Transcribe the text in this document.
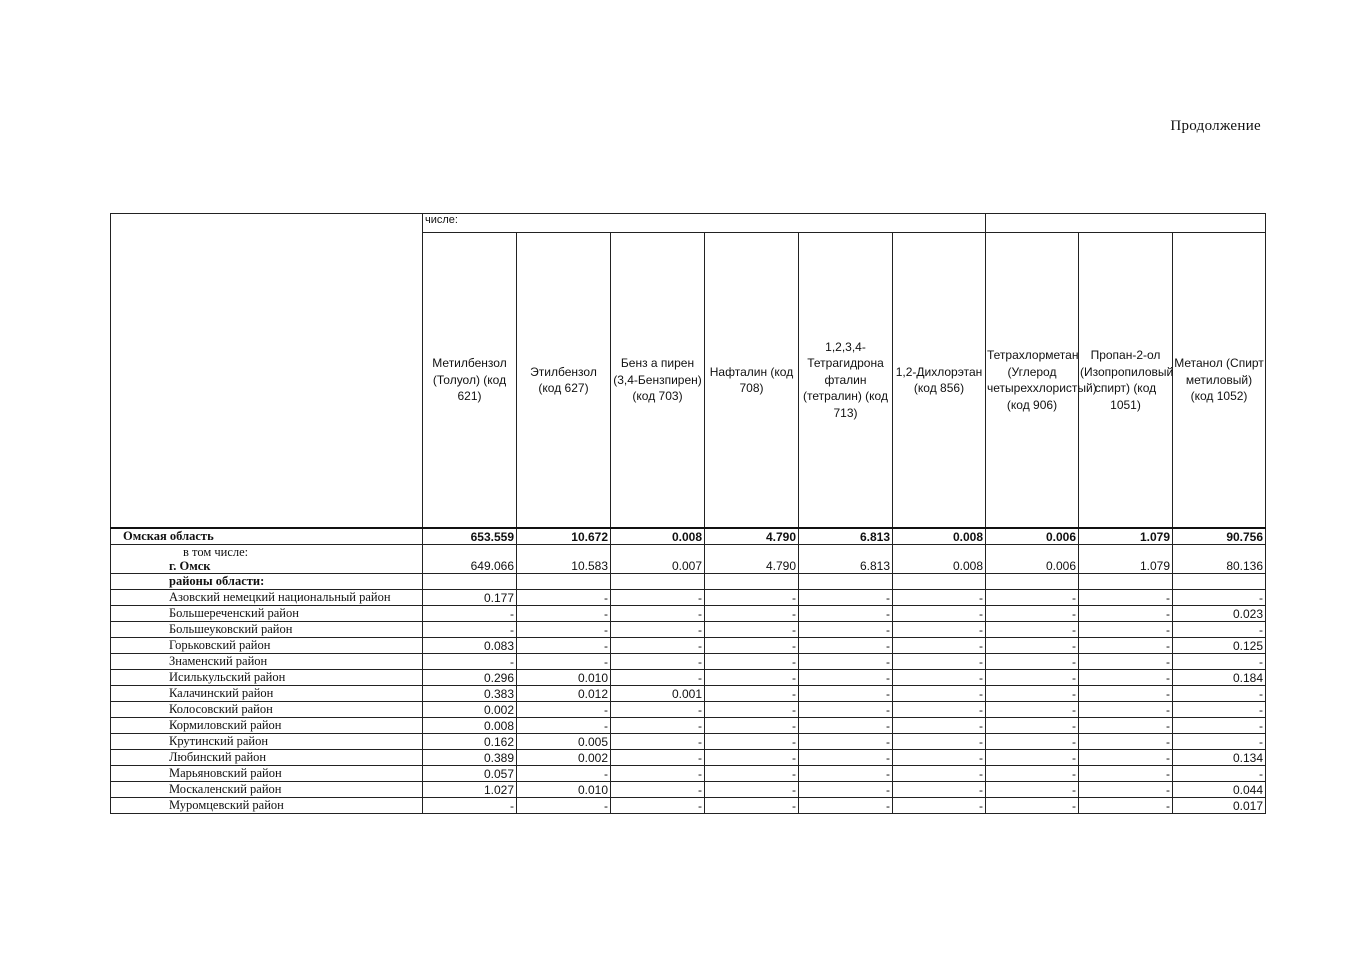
Продолжение
	числе:								
	Метилбензол (Толуол) (код 621)	Этилбензол (код 627)	Бенз а пирен (3,4-Бензпирен) (код 703)	Нафталин (код 708)	1,2,3,4-Тетрагидрона фталин (тетралин) (код 713)	1,2-Дихлорэтан (код 856)	Тетрахлорметан (Углерод четыреххлористый) (код 906)	Пропан-2-ол (Изопропиловый спирт) (код 1051)	Метанол (Спирт метиловый) (код 1052)
Омская область	653.559	10.672	0.008	4.790	6.813	0.008	0.006	1.079	90.756

в том числе:
г. Омск	649.066	10.583	0.007	4.790	6.813	0.008	0.006	1.079	80.136
районы области:									
Азовский немецкий национальный район	0.177	-	-	-	-	-	-	-	-
Большереченский район	-	-	-	-	-	-	-	-	0.023
Большеуковский район	-	-	-	-	-	-	-	-	-
Горьковский район	0.083	-	-	-	-	-	-	-	0.125
Знаменский район	-	-	-	-	-	-	-	-	-
Исилькульский район	0.296	0.010	-	-	-	-	-	-	0.184
Калачинский район	0.383	0.012	0.001	-	-	-	-	-	-
Колосовский район	0.002	-	-	-	-	-	-	-	-
Кормиловский район	0.008	-	-	-	-	-	-	-	-
Крутинский район	0.162	0.005	-	-	-	-	-	-	-
Любинский район	0.389	0.002	-	-	-	-	-	-	0.134
Марьяновский район	0.057	-	-	-	-	-	-	-	-
Москаленский район	1.027	0.010	-	-	-	-	-	-	0.044
Муромцевский район	-	-	-	-	-	-	-	-	0.017
